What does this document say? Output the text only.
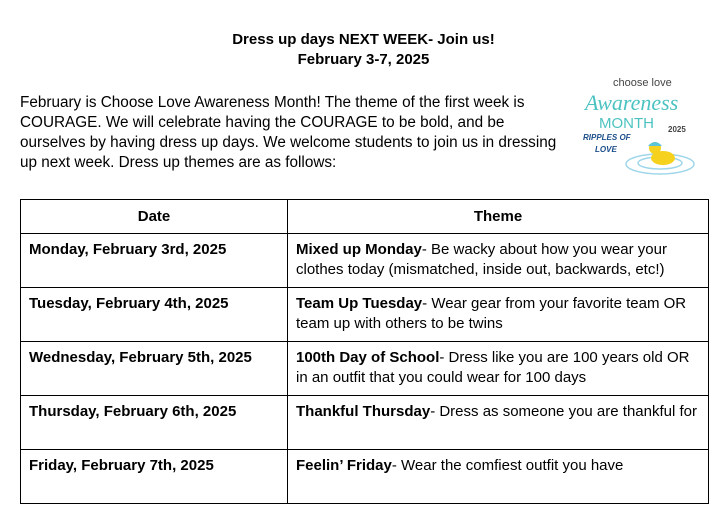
Dress up days NEXT WEEK- Join us!
February 3-7, 2025
February is Choose Love Awareness Month! The theme of the first week is COURAGE. We will celebrate having the COURAGE to be bold, and be ourselves by having dress up days. We welcome students to join us in dressing up next week. Dress up themes are as follows:
choose love
Awareness
MONTH 2025
RIPPLES OF
LOVE
Date	Theme
Monday, February 3rd, 2025	Mixed up Monday- Be wacky about how you wear your clothes today (mismatched, inside out, backwards, etc!)
Tuesday, February 4th, 2025	Team Up Tuesday- Wear gear from your favorite team OR team up with others to be twins
Wednesday, February 5th, 2025	100th Day of School- Dress like you are 100 years old OR in an outfit that you could wear for 100 days
Thursday, February 6th, 2025	Thankful Thursday- Dress as someone you are thankful for
Friday, February 7th, 2025	Feelin’ Friday- Wear the comfiest outfit you have
